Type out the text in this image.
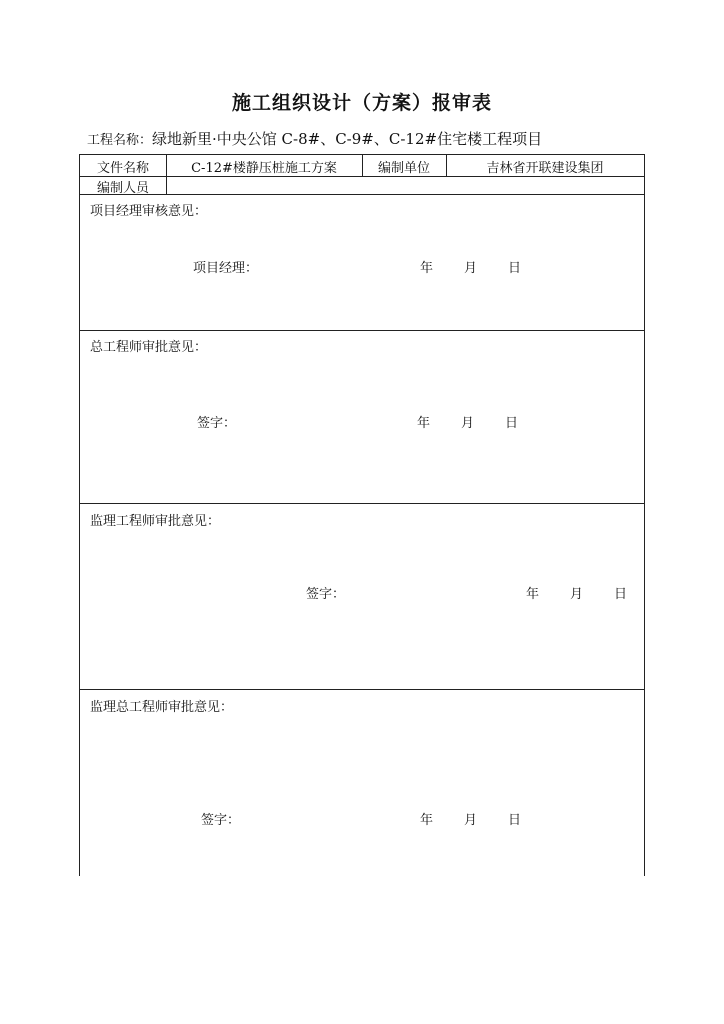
施工组织设计（方案）报审表
工程名称：绿地新里·中央公馆 C-8#、C-9#、C-12#住宅楼工程项目
文件名称	C-12#楼静压桩施工方案	编制单位	吉林省开联建设集团
编制人员
项目经理审核意见：
项目经理：	年 月 日
总工程师审批意见：
签字：	年 月 日
监理工程师审批意见：
签字：	年 月 日
监理总工程师审批意见：
签字：	年 月 日
